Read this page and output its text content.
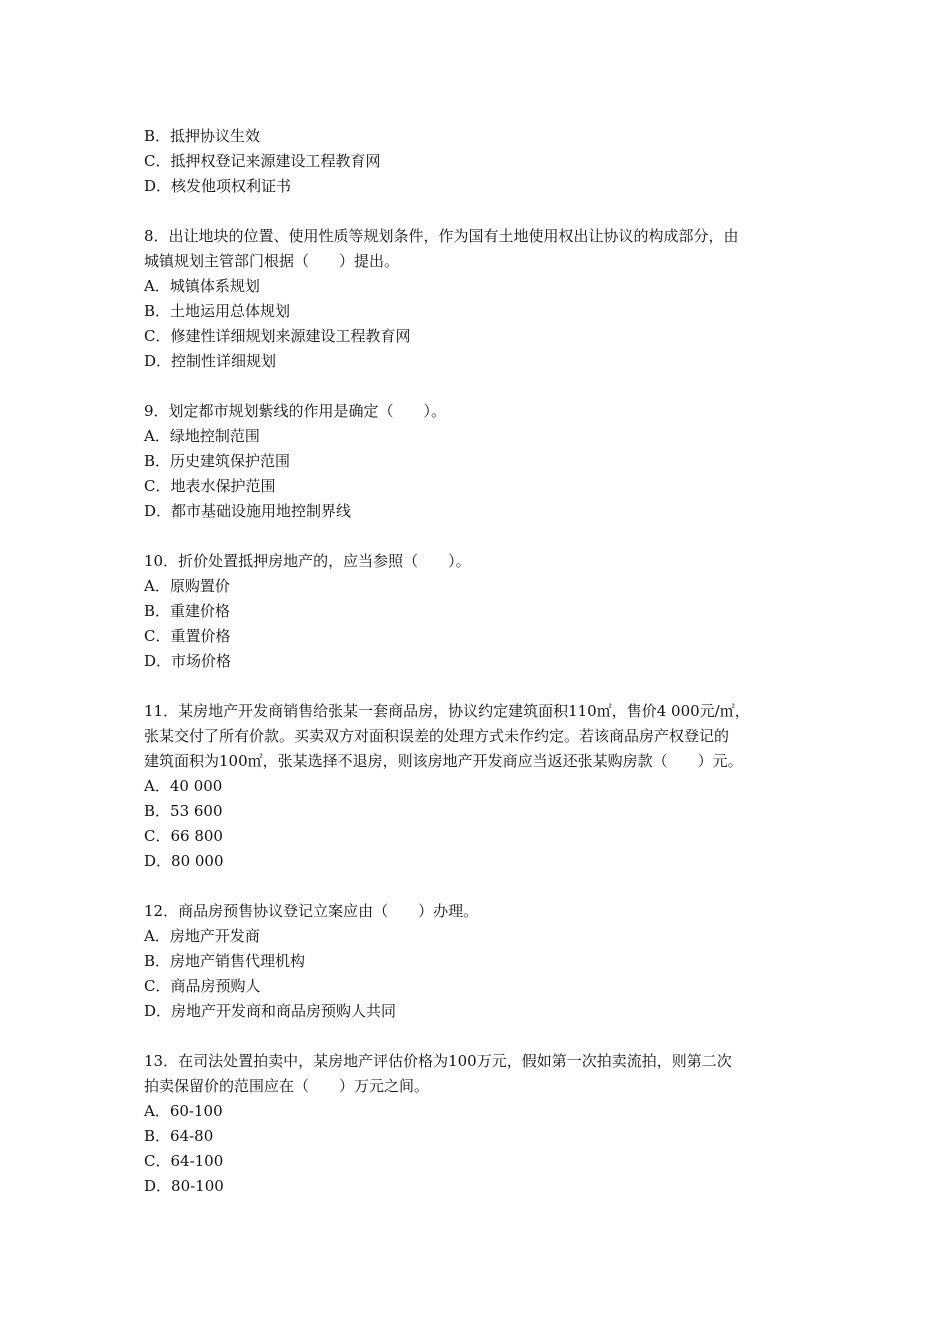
B．抵押协议生效
C．抵押权登记来源建设工程教育网
D．核发他项权利证书
8．出让地块的位置、使用性质等规划条件，作为国有土地使用权出让协议的构成部分，由
城镇规划主管部门根据（　　）提出。
A．城镇体系规划
B．土地运用总体规划
C．修建性详细规划来源建设工程教育网
D．控制性详细规划
9．划定都市规划紫线的作用是确定（　　）。
A．绿地控制范围
B．历史建筑保护范围
C．地表水保护范围
D．都市基础设施用地控制界线
10．折价处置抵押房地产的，应当参照（　　）。
A．原购置价
B．重建价格
C．重置价格
D．市场价格
11．某房地产开发商销售给张某一套商品房，协议约定建筑面积110㎡，售价4 000元/㎡，
张某交付了所有价款。买卖双方对面积误差的处理方式未作约定。若该商品房产权登记的
建筑面积为100㎡，张某选择不退房，则该房地产开发商应当返还张某购房款（　　）元。
A．40 000
B．53 600
C．66 800
D．80 000
12．商品房预售协议登记立案应由（　　）办理。
A．房地产开发商
B．房地产销售代理机构
C．商品房预购人
D．房地产开发商和商品房预购人共同
13．在司法处置拍卖中，某房地产评估价格为100万元，假如第一次拍卖流拍，则第二次
拍卖保留价的范围应在（　　）万元之间。
A．60-100
B．64-80
C．64-100
D．80-100
